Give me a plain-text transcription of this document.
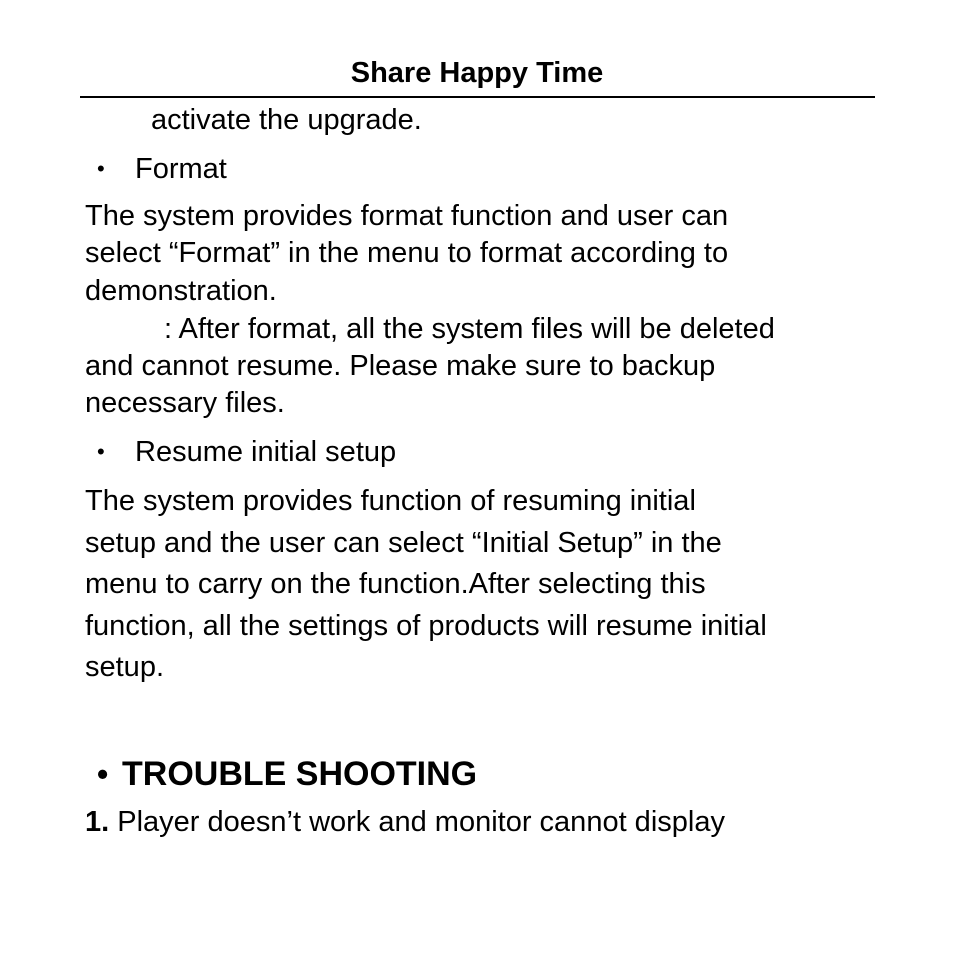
Share Happy Time
activate the upgrade.
• Format
The system provides format function and user can
select “Format” in the menu to format according to
demonstration.
: After format, all the system files will be deleted
and cannot resume. Please make sure to backup
necessary files.
• Resume initial setup
The system provides function of resuming initial
setup and the user can select “Initial Setup” in the
menu to carry on the function.After selecting this
function, all the settings of products will resume initial
setup.
• TROUBLE SHOOTING
1. Player doesn’t work and monitor cannot display
